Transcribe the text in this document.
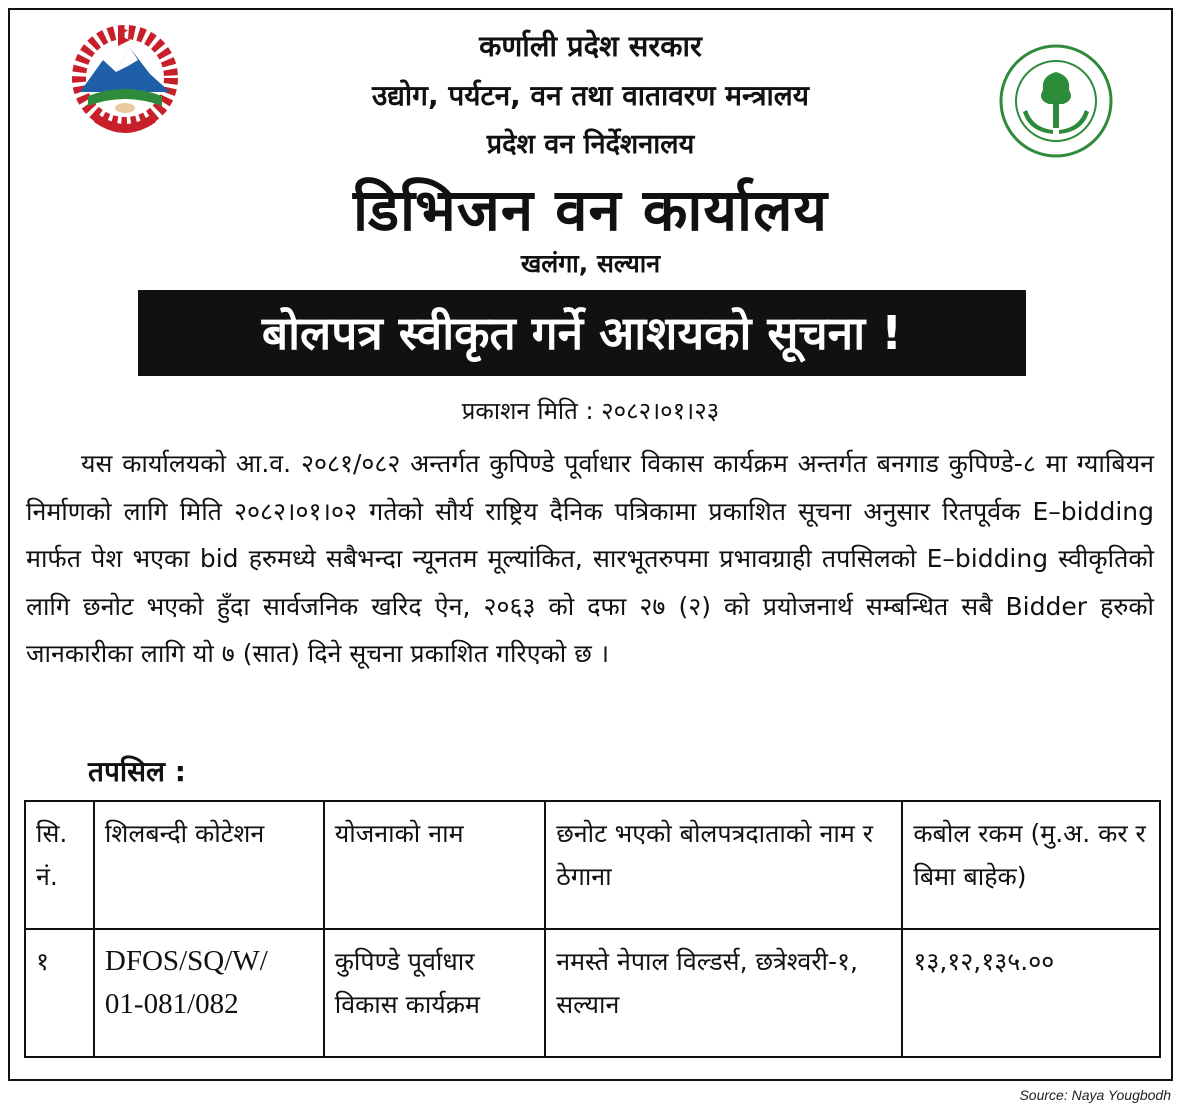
कर्णाली प्रदेश सरकार
उद्योग, पर्यटन, वन तथा वातावरण मन्त्रालय
प्रदेश वन निर्देशनालय
डिभिजन वन कार्यालय
खलंगा, सल्यान
बोलपत्र स्वीकृत गर्ने आशयको सूचना !
प्रकाशन मिति : २०८२।०१।२३
यस कार्यालयको आ.व. २०८१/०८२ अन्तर्गत कुपिण्डे पूर्वाधार विकास कार्यक्रम अन्तर्गत बनगाड कुपिण्डे-८ मा ग्याबियन निर्माणको लागि मिति २०८२।०१।०२ गतेको सौर्य राष्ट्रिय दैनिक पत्रिकामा प्रकाशित सूचना अनुसार रितपूर्वक E–bidding मार्फत पेश भएका bid हरुमध्ये सबैभन्दा न्यूनतम मूल्यांकित, सारभूतरुपमा प्रभावग्राही तपसिलको E–bidding स्वीकृतिको लागि छनोट भएको हुँदा सार्वजनिक खरिद ऐन, २०६३ को दफा २७ (२) को प्रयोजनार्थ सम्बन्धित सबै Bidder हरुको जानकारीका लागि यो ७ (सात) दिने सूचना प्रकाशित गरिएको छ ।
तपसिल :
सि. नं.	शिलबन्दी कोटेशन	योजनाको नाम	छनोट भएको बोलपत्रदाताको नाम र ठेगाना	कबोल रकम (मु.अ. कर र बिमा बाहेक)
१	DFOS/SQ/W/ 01-081/082	कुपिण्डे पूर्वाधार विकास कार्यक्रम	नमस्ते नेपाल विल्डर्स, छत्रेश्वरी-१, सल्यान	१३,१२,१३५.००
Source: Naya Yougbodh
